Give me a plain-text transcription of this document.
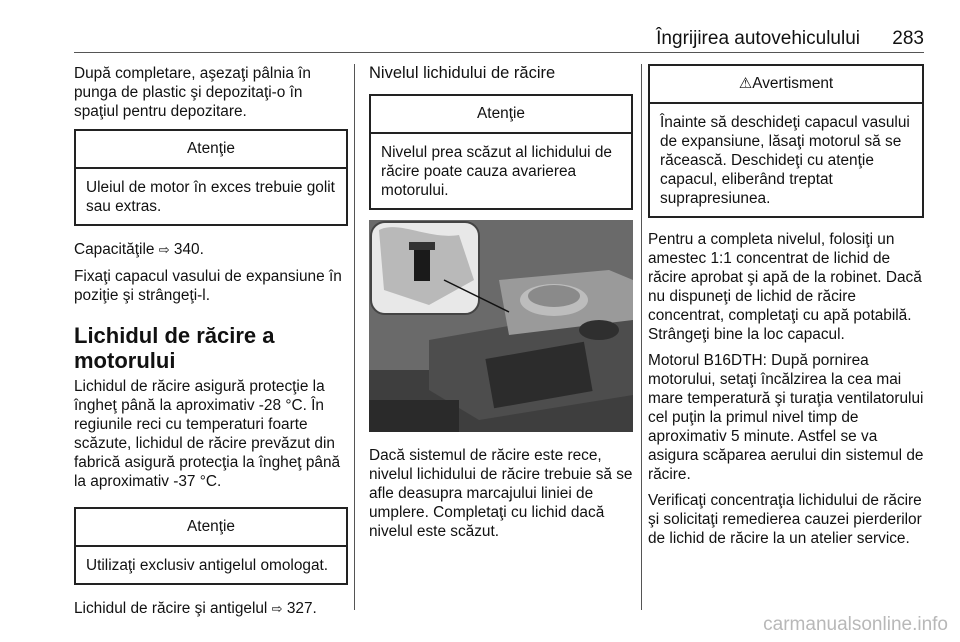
Îngrijirea autovehiculului 283

După completare, aşezaţi pâlnia în punga de plastic şi depozitaţi-o în spaţiul pentru depozitare.

Atenţie
Uleiul de motor în exces trebuie golit sau extras.

Capacităţile ⇨ 340.

Fixaţi capacul vasului de expansiune în poziţie şi strângeţi-l.

Lichidul de răcire a motorului

Lichidul de răcire asigură protecţie la îngheţ până la aproximativ -28 °C. În regiunile reci cu temperaturi foarte scăzute, lichidul de răcire prevăzut din fabrică asigură protecţia la îngheţ până la aproximativ -37 °C.

Atenţie
Utilizaţi exclusiv antigelul omologat.

Lichidul de răcire şi antigelul ⇨ 327.

Nivelul lichidului de răcire

Atenţie
Nivelul prea scăzut al lichidului de răcire poate cauza avarierea motorului.

Dacă sistemul de răcire este rece, nivelul lichidului de răcire trebuie să se afle deasupra marcajului liniei de umplere. Completaţi cu lichid dacă nivelul este scăzut.

⚠Avertisment
Înainte să deschideţi capacul vasului de expansiune, lăsaţi motorul să se răcească. Deschideţi cu atenţie capacul, eliberând treptat suprapresiunea.

Pentru a completa nivelul, folosiţi un amestec 1:1 concentrat de lichid de răcire aprobat şi apă de la robinet. Dacă nu dispuneţi de lichid de răcire concentrat, completaţi cu apă potabilă. Strângeţi bine la loc capacul.

Motorul B16DTH: După pornirea motorului, setaţi încălzirea la cea mai mare temperatură şi turaţia ventilatorului cel puţin la primul nivel timp de aproximativ 5 minute. Astfel se va asigura scăparea aerului din sistemul de răcire.

Verificaţi concentraţia lichidului de răcire şi solicitaţi remedierea cauzei pierderilor de lichid de răcire la un atelier service.

carmanualsonline.info
